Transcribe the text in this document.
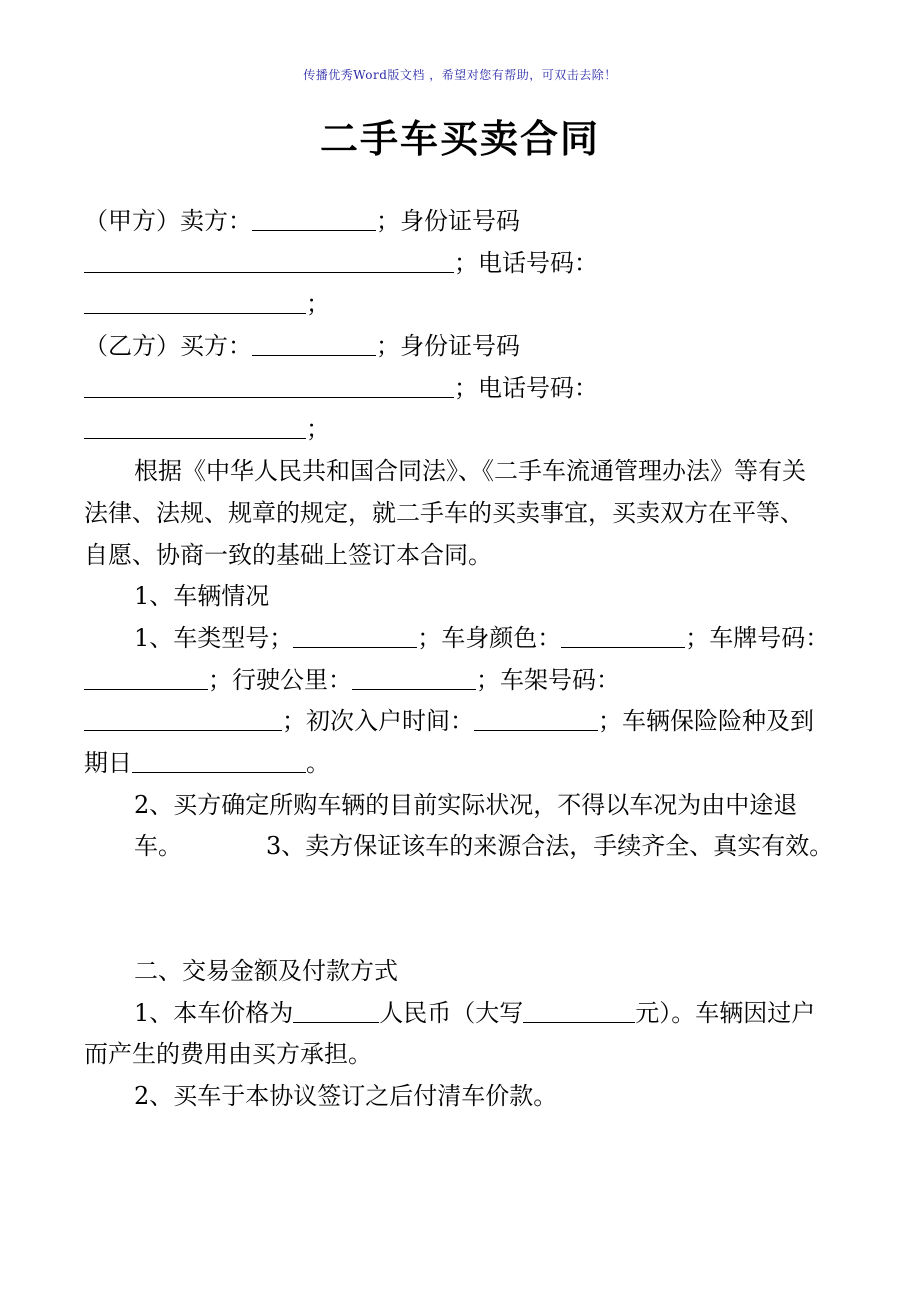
传播优秀Word版文档 ，希望对您有帮助，可双击去除！
二手车买卖合同
（甲方）卖方：	；身份证号码
；电话号码：
；
（乙方）买方：	；身份证号码
；电话号码：
；
根据《中华人民共和国合同法》、《二手车流通管理办法》等有关
法律、法规、规章的规定，就二手车的买卖事宜，买卖双方在平等、
自愿、协商一致的基础上签订本合同。
1、车辆情况
1、车类型号；	；车身颜色：	；车牌号码：
；行驶公里：	；车架号码：
；初次入户时间：	；车辆保险险种及到
期日	。
2、买方确定所购车辆的目前实际状况，不得以车况为由中途退
车。	3、卖方保证该车的来源合法，手续齐全、真实有效。
二、交易金额及付款方式
1、本车价格为	人民币（大写	元）。车辆因过户
而产生的费用由买方承担。
2、买车于本协议签订之后付清车价款。
